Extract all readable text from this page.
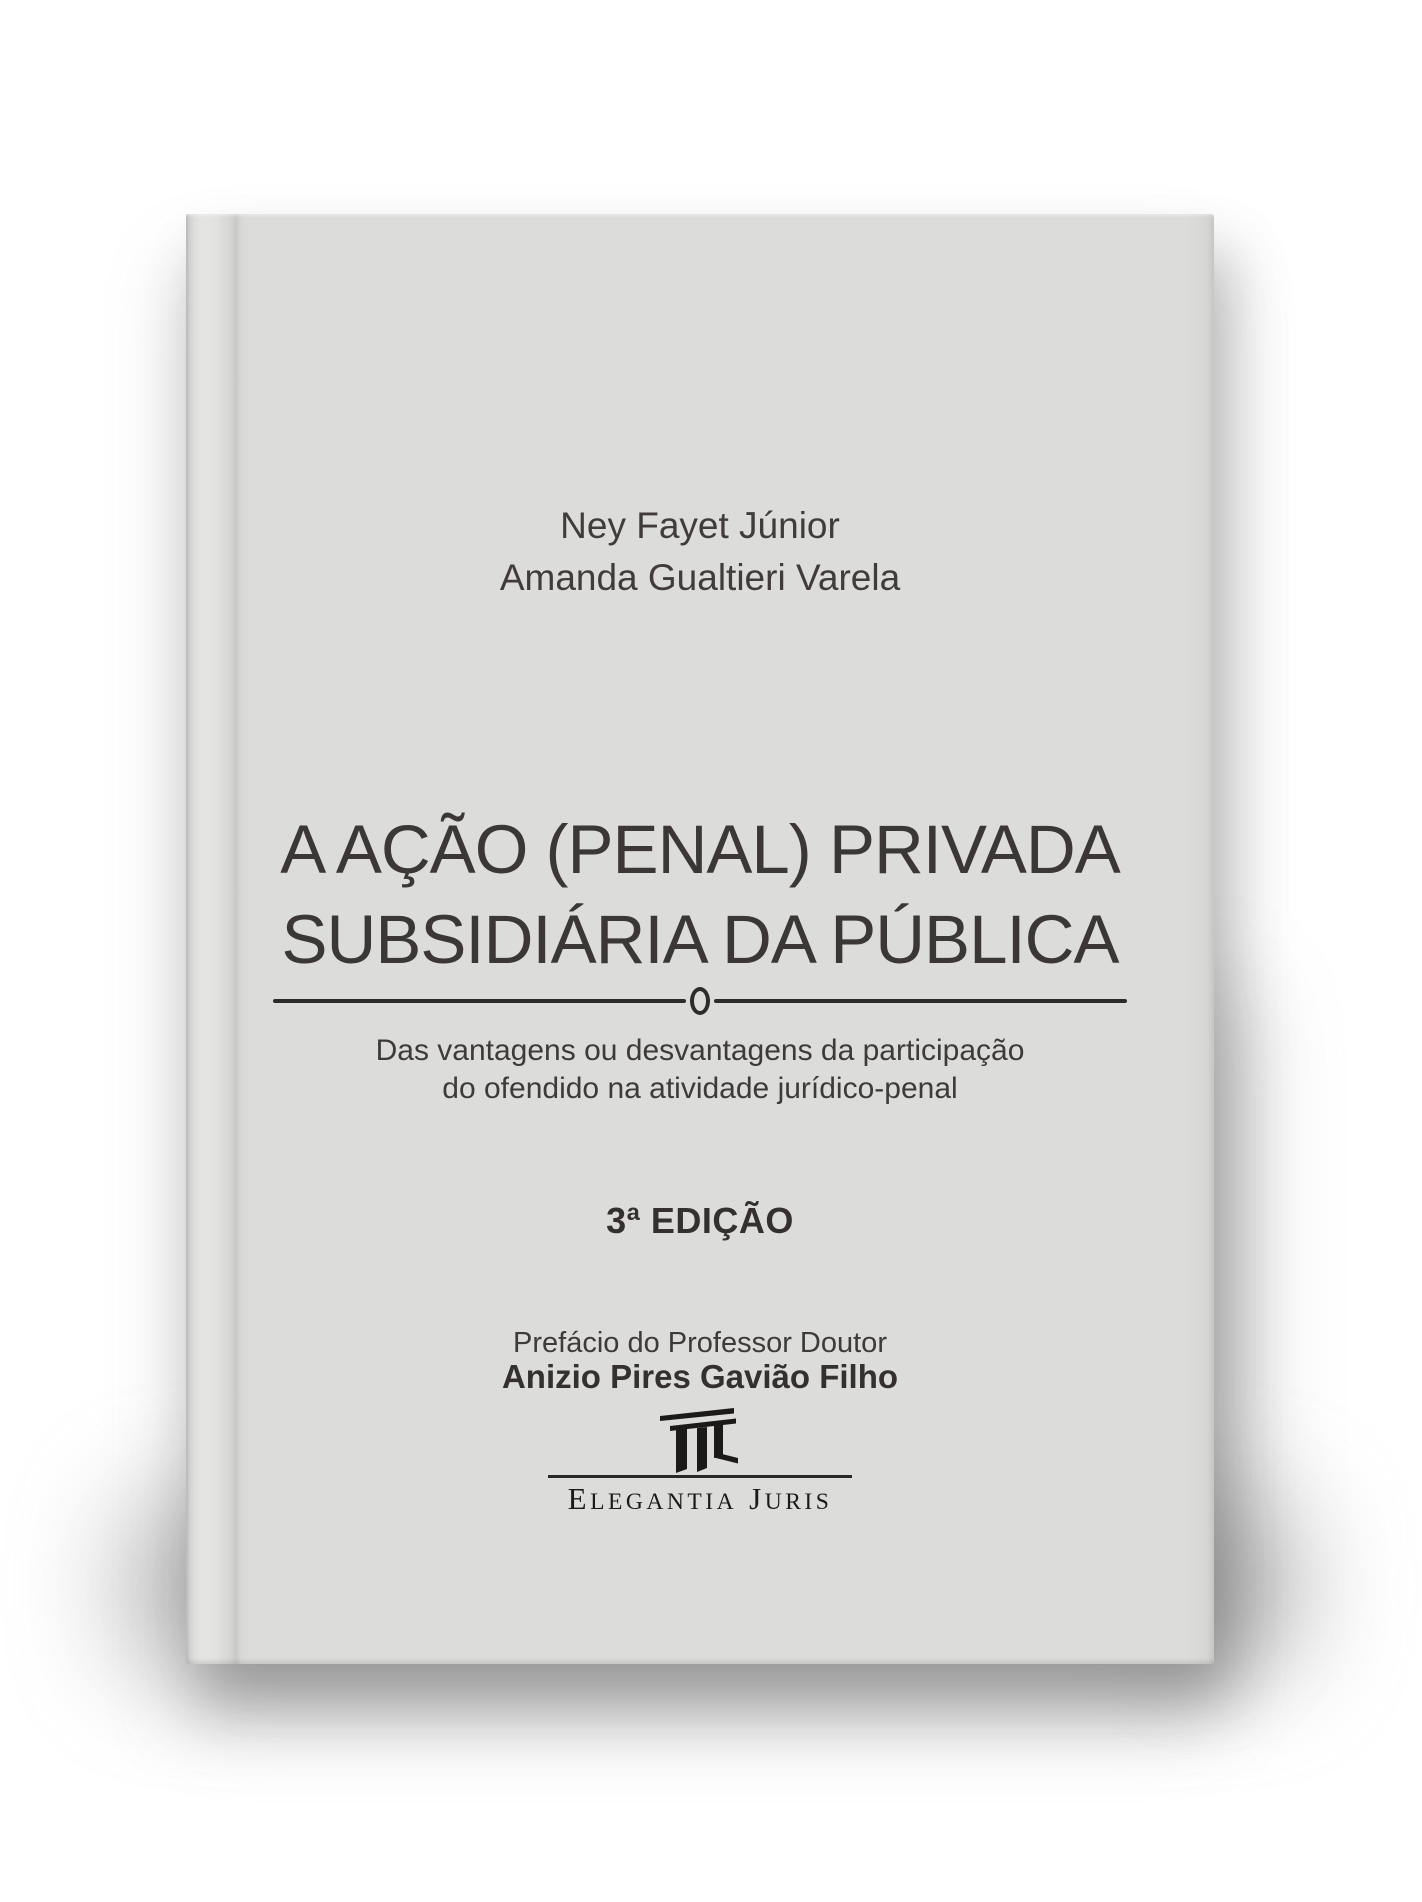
Ney Fayet Júnior
Amanda Gualtieri Varela
A AÇÃO (PENAL) PRIVADA
SUBSIDIÁRIA DA PÚBLICA
Das vantagens ou desvantagens da participação
do ofendido na atividade jurídico-penal
3ª EDIÇÃO
Prefácio do Professor Doutor
Anizio Pires Gavião Filho
ELEGANTIA JURIS
